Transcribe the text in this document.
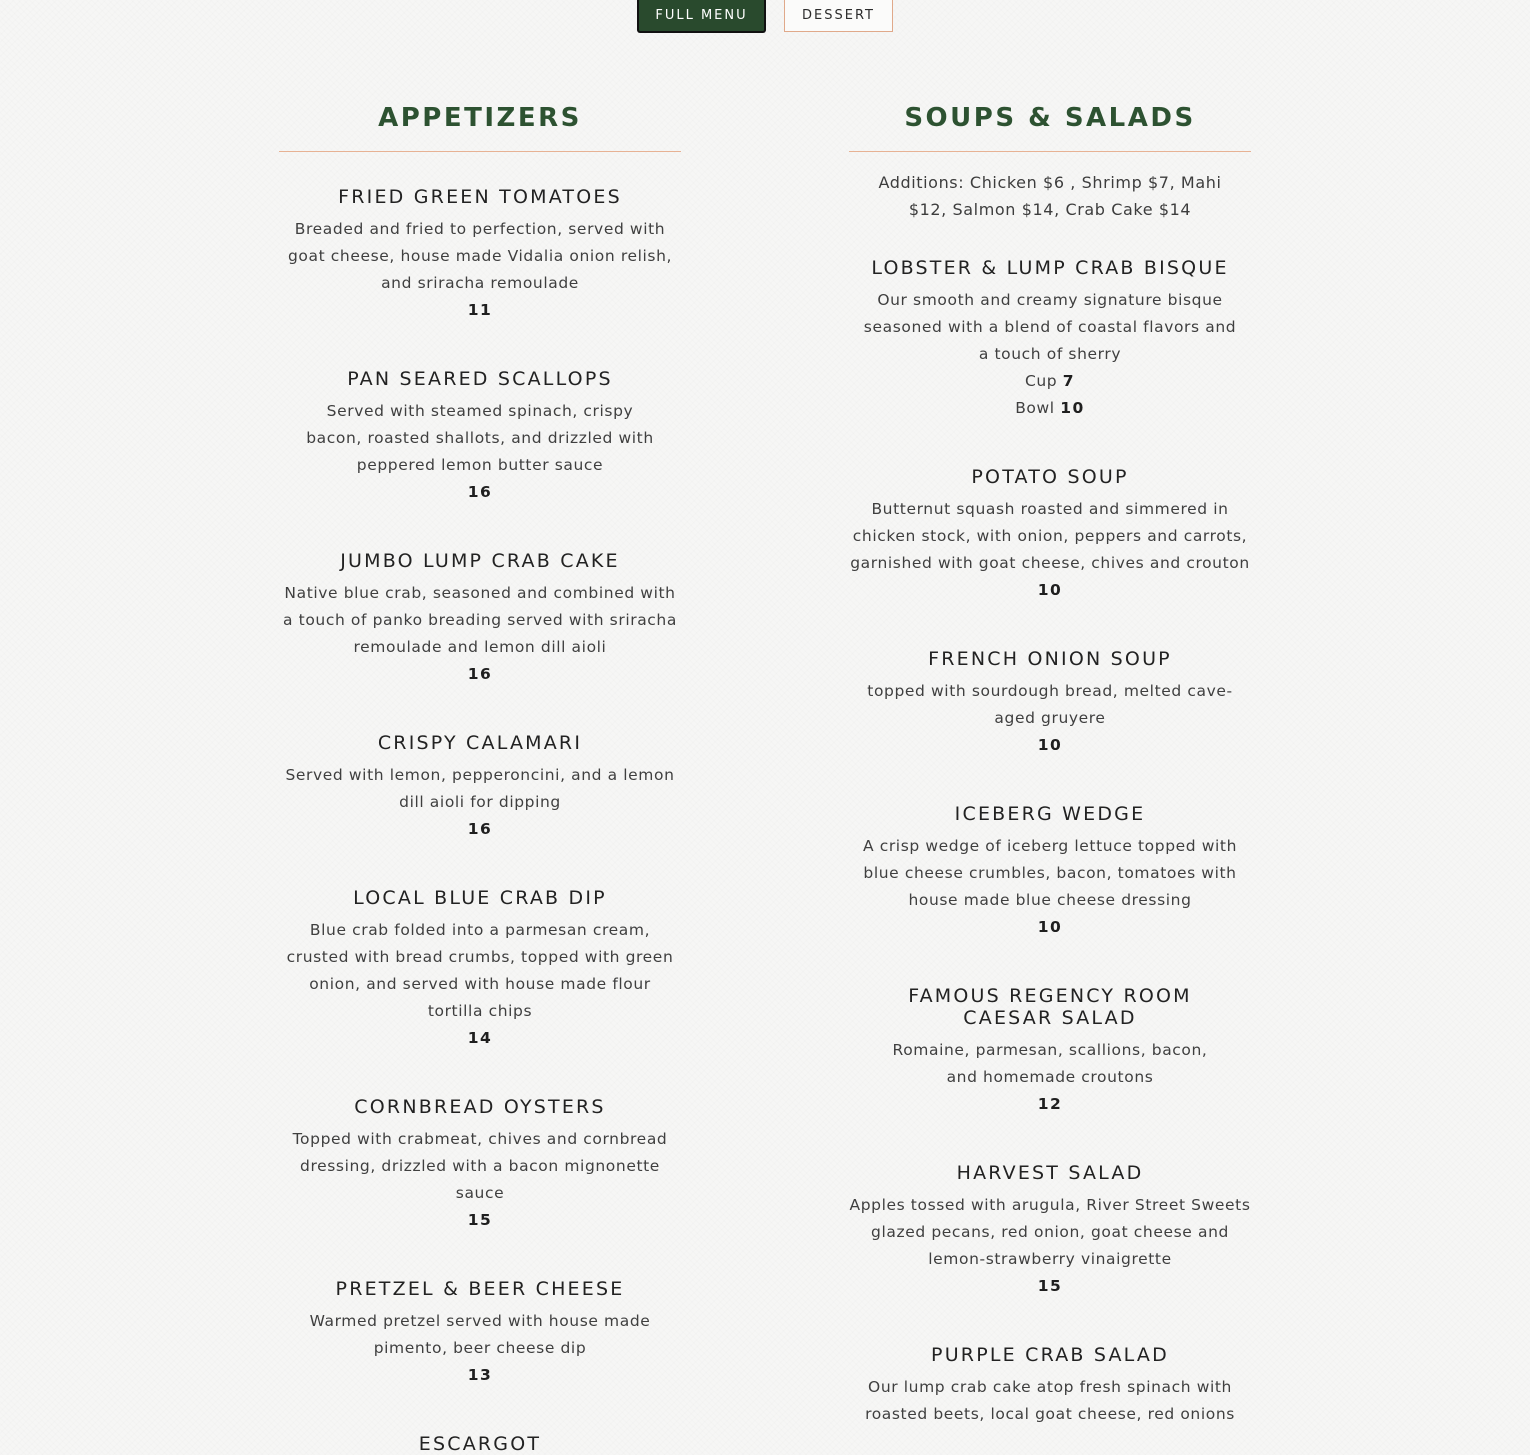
FULL MENU	DESSERT
APPETIZERS
FRIED GREEN TOMATOES
Breaded and fried to perfection, served with goat cheese, house made Vidalia onion relish, and sriracha remoulade
11
PAN SEARED SCALLOPS
Served with steamed spinach, crispy bacon, roasted shallots, and drizzled with peppered lemon butter sauce
16
JUMBO LUMP CRAB CAKE
Native blue crab, seasoned and combined with a touch of panko breading served with sriracha remoulade and lemon dill aioli
16
CRISPY CALAMARI
Served with lemon, pepperoncini, and a lemon dill aioli for dipping
16
LOCAL BLUE CRAB DIP
Blue crab folded into a parmesan cream, crusted with bread crumbs, topped with green onion, and served with house made flour tortilla chips
14
CORNBREAD OYSTERS
Topped with crabmeat, chives and cornbread dressing, drizzled with a bacon mignonette sauce
15
PRETZEL & BEER CHEESE
Warmed pretzel served with house made pimento, beer cheese dip
13
ESCARGOT
SOUPS & SALADS
Additions: Chicken $6 , Shrimp $7, Mahi $12, Salmon $14, Crab Cake $14
LOBSTER & LUMP CRAB BISQUE
Our smooth and creamy signature bisque seasoned with a blend of coastal flavors and a touch of sherry
Cup 7
Bowl 10
POTATO SOUP
Butternut squash roasted and simmered in chicken stock, with onion, peppers and carrots, garnished with goat cheese, chives and crouton
10
FRENCH ONION SOUP
topped with sourdough bread, melted cave-aged gruyere
10
ICEBERG WEDGE
A crisp wedge of iceberg lettuce topped with blue cheese crumbles, bacon, tomatoes with house made blue cheese dressing
10
FAMOUS REGENCY ROOM CAESAR SALAD
Romaine, parmesan, scallions, bacon, and homemade croutons
12
HARVEST SALAD
Apples tossed with arugula, River Street Sweets glazed pecans, red onion, goat cheese and lemon-strawberry vinaigrette
15
PURPLE CRAB SALAD
Our lump crab cake atop fresh spinach with roasted beets, local goat cheese, red onions
